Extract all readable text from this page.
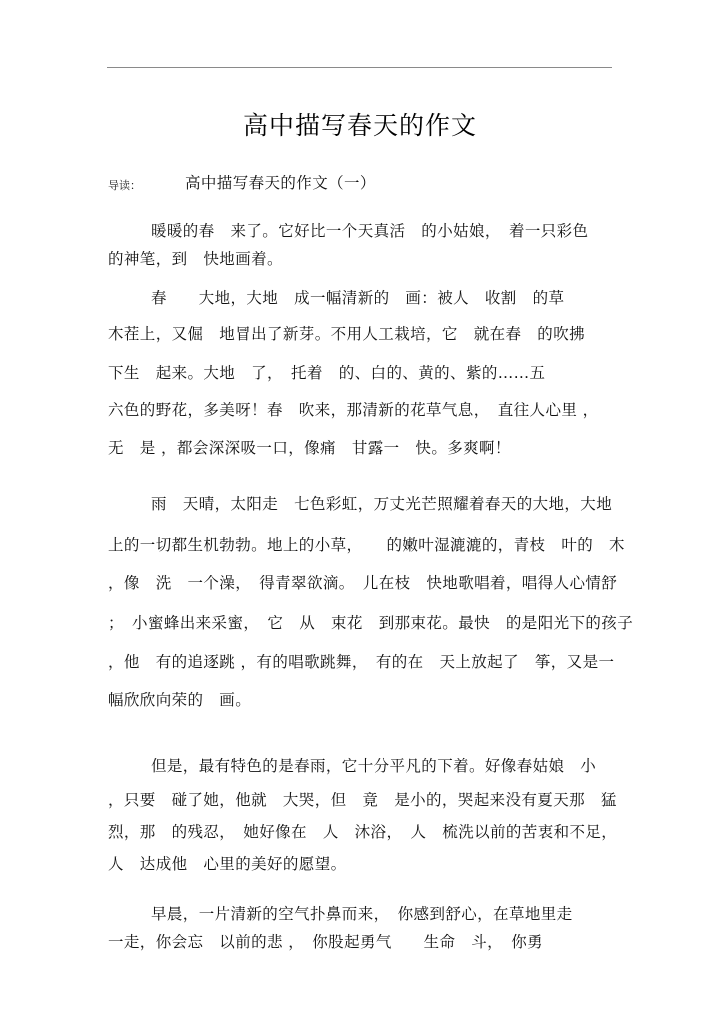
高中描写春天的作文
导读：	高中描写春天的作文（一）
暖暖的春　来了。它好比一个天真活　的小姑娘，　着一只彩色
的神笔，到　快地画着。
春　　大地，大地　成一幅清新的　画：被人　收割　的草
木茬上，又倔　地冒出了新芽。不用人工栽培，它　就在春　的吹拂
下生　起来。大地　了，　托着　的、白的、黄的、紫的……五
六色的野花，多美呀！春　吹来，那清新的花草气息，　直往人心里 ，
无　是 ，都会深深吸一口，像痛　甘露一　快。多爽啊！
雨　天晴，太阳走　七色彩虹，万丈光芒照耀着春天的大地，大地
上的一切都生机勃勃。地上的小草，　　的嫩叶湿漉漉的，青枝　叶的　木
，像　洗　一个澡，　得青翠欲滴。　儿在枝　快地歌唱着，唱得人心情舒
；　小蜜蜂出来采蜜，　它　从　束花　到那束花。最快　的是阳光下的孩子
，他　有的追逐跳 ，有的唱歌跳舞，　有的在　天上放起了　筝，又是一
幅欣欣向荣的　画。
但是，最有特色的是春雨，它十分平凡的下着。好像春姑娘　小
，只要　碰了她，他就　大哭，但　竟　是小的，哭起来没有夏天那　猛
烈，那　的残忍，　她好像在　人　沐浴，　人　梳洗以前的苦衷和不足，
人　达成他　心里的美好的愿望。
早晨，一片清新的空气扑鼻而来，　你感到舒心，在草地里走
一走，你会忘　以前的悲 ，　你股起勇气　　生命　斗，　你勇
